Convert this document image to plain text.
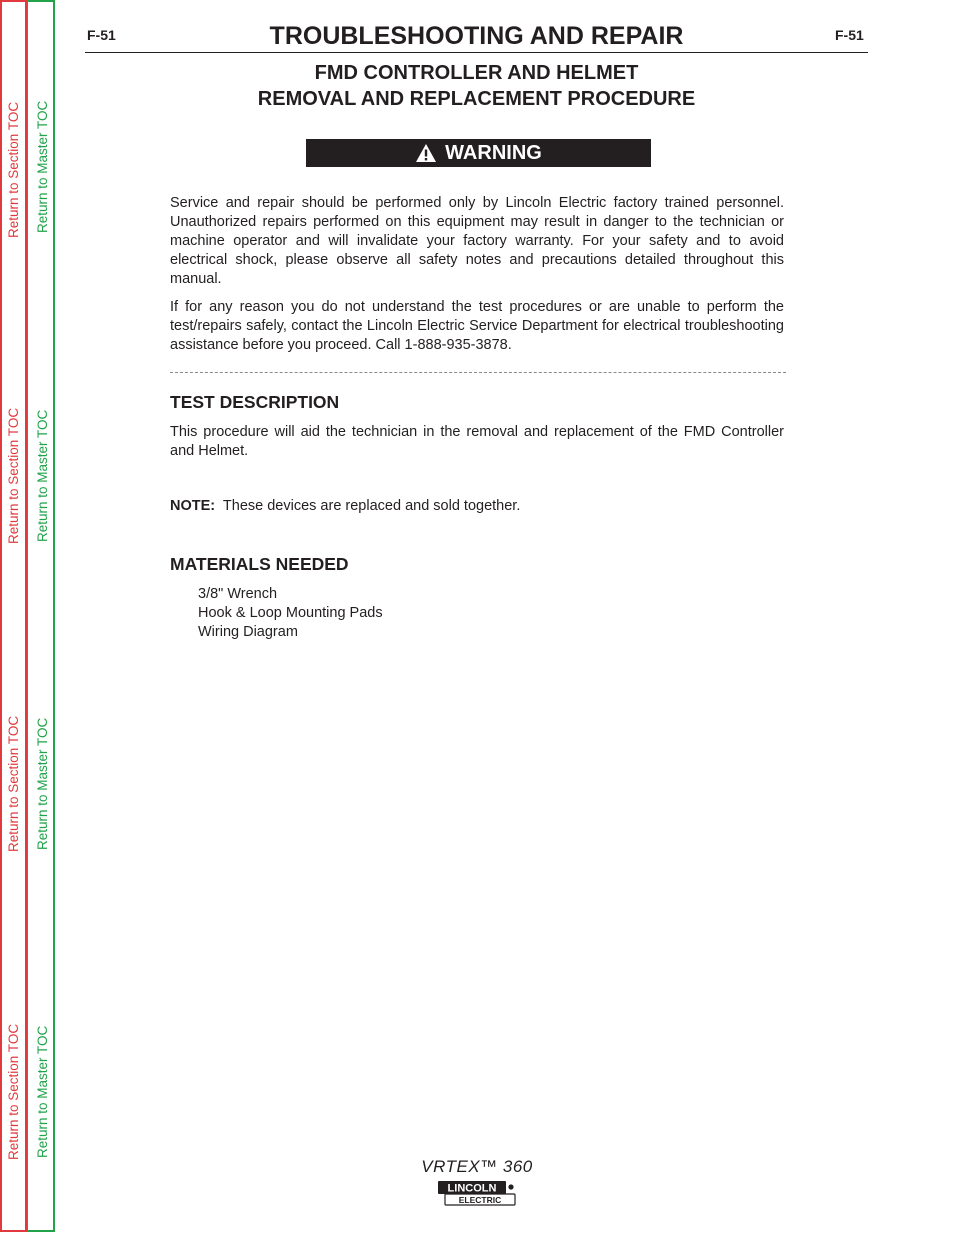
Return to Section TOC
Return to Section TOC
Return to Section TOC
Return to Section TOC
Return to Master TOC
Return to Master TOC
Return to Master TOC
Return to Master TOC
F-51	F-51
TROUBLESHOOTING AND REPAIR
FMD CONTROLLER AND HELMET
REMOVAL AND REPLACEMENT PROCEDURE
WARNING

Service and repair should be performed only by Lincoln Electric factory trained personnel. Unauthorized repairs performed on this equipment may result in danger to the technician or machine operator and will invalidate your factory warranty. For your safety and to avoid electrical shock, please observe all safety notes and precautions detailed throughout this manual.

If for any reason you do not understand the test procedures or are unable to perform the test/repairs safely, contact the Lincoln Electric Service Department for electrical troubleshooting assistance before you proceed. Call 1-888-935-3878.

TEST DESCRIPTION

This procedure will aid the technician in the removal and replacement of the FMD Controller and Helmet.

NOTE: These devices are replaced and sold together.
MATERIALS NEEDED
3/8" Wrench
Hook & Loop Mounting Pads
Wiring Diagram
VRTEX™ 360
LINCOLN
ELECTRIC
